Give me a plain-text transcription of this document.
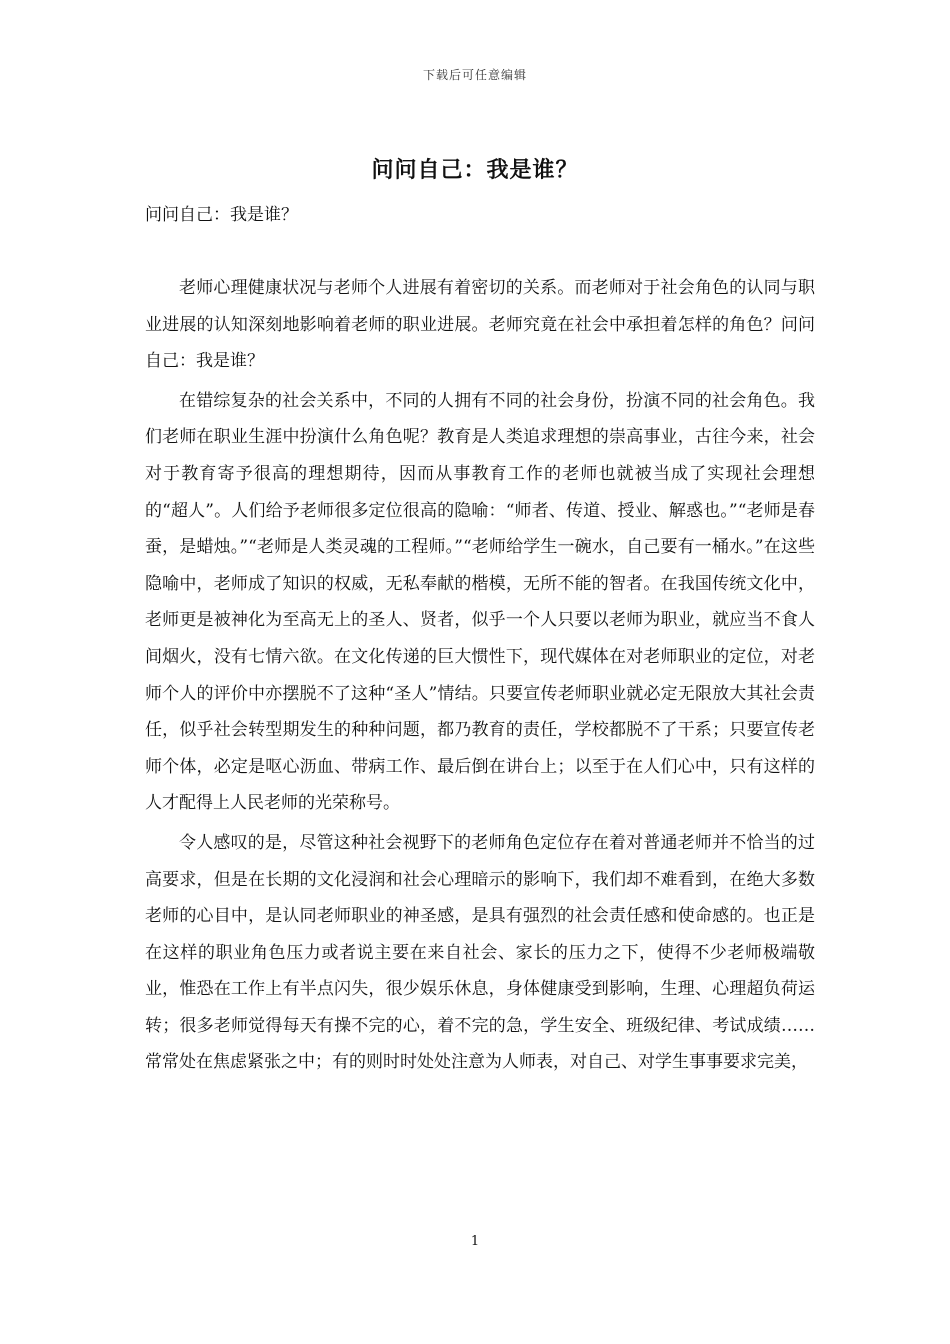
下载后可任意编辑
问问自己：我是谁？
问问自己：我是谁？

老师心理健康状况与老师个人进展有着密切的关系。而老师对于社会角色的认同与职业进展的认知深刻地影响着老师的职业进展。老师究竟在社会中承担着怎样的角色？问问自己：我是谁？

在错综复杂的社会关系中，不同的人拥有不同的社会身份，扮演不同的社会角色。我们老师在职业生涯中扮演什么角色呢？教育是人类追求理想的崇高事业，古往今来，社会对于教育寄予很高的理想期待，因而从事教育工作的老师也就被当成了实现社会理想的“超人”。人们给予老师很多定位很高的隐喻：“师者、传道、授业、解惑也。”“老师是春蚕，是蜡烛。”“老师是人类灵魂的工程师。”“老师给学生一碗水，自己要有一桶水。”在这些隐喻中，老师成了知识的权威，无私奉献的楷模，无所不能的智者。在我国传统文化中，老师更是被神化为至高无上的圣人、贤者，似乎一个人只要以老师为职业，就应当不食人间烟火，没有七情六欲。在文化传递的巨大惯性下，现代媒体在对老师职业的定位，对老师个人的评价中亦摆脱不了这种“圣人”情结。只要宣传老师职业就必定无限放大其社会责任，似乎社会转型期发生的种种问题，都乃教育的责任，学校都脱不了干系；只要宣传老师个体，必定是呕心沥血、带病工作、最后倒在讲台上；以至于在人们心中，只有这样的人才配得上人民老师的光荣称号。

令人感叹的是，尽管这种社会视野下的老师角色定位存在着对普通老师并不恰当的过高要求，但是在长期的文化浸润和社会心理暗示的影响下，我们却不难看到，在绝大多数老师的心目中，是认同老师职业的神圣感，是具有强烈的社会责任感和使命感的。也正是在这样的职业角色压力或者说主要在来自社会、家长的压力之下，使得不少老师极端敬业，惟恐在工作上有半点闪失，很少娱乐休息，身体健康受到影响，生理、心理超负荷运转；很多老师觉得每天有操不完的心，着不完的急，学生安全、班级纪律、考试成绩……常常处在焦虑紧张之中；有的则时时处处注意为人师表，对自己、对学生事事要求完美，

1
